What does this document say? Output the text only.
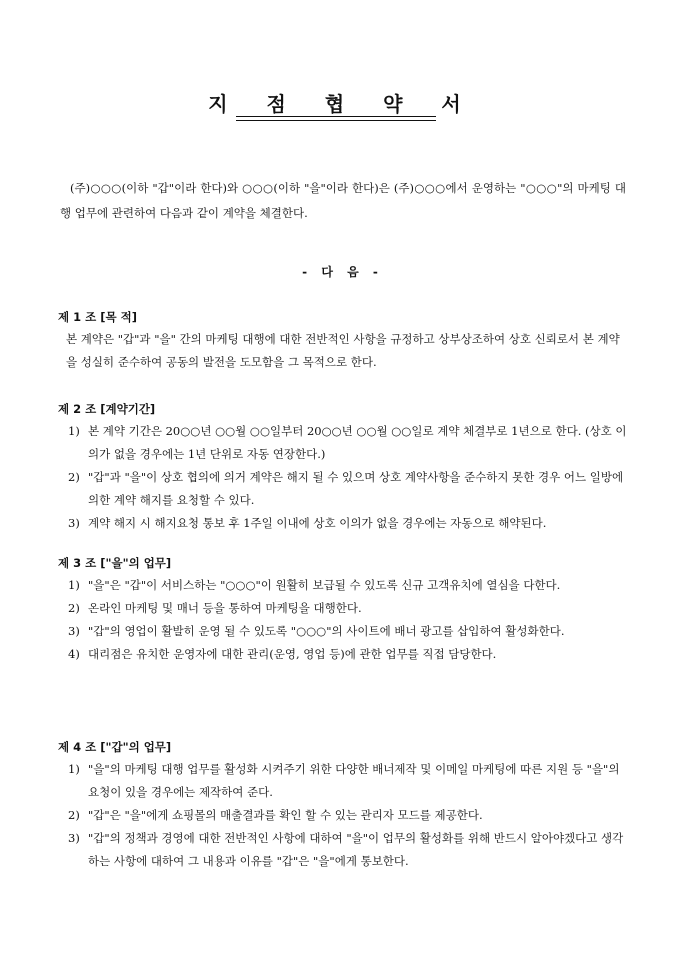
지 점 협 약 서
(주)○○○(이하 "갑"이라 한다)와 ○○○(이하 "을"이라 한다)은 (주)○○○에서 운영하는 "○○○"의 마케팅 대행 업무에 관련하여 다음과 같이 계약을 체결한다.
- 다 음 -
제 1 조 [목 적]
본 계약은 "갑"과 "을" 간의 마케팅 대행에 대한 전반적인 사항을 규정하고 상부상조하여 상호 신뢰로서 본 계약을 성실히 준수하여 공동의 발전을 도모함을 그 목적으로 한다.
제 2 조 [계약기간]
1) 본 계약 기간은 20○○년 ○○월 ○○일부터 20○○년 ○○월 ○○일로 계약 체결부로 1년으로 한다. (상호 이의가 없을 경우에는 1년 단위로 자동 연장한다.)
2) "갑"과 "을"이 상호 협의에 의거 계약은 해지 될 수 있으며 상호 계약사항을 준수하지 못한 경우 어느 일방에 의한 계약 해지를 요청할 수 있다.
3) 계약 해지 시 해지요청 통보 후 1주일 이내에 상호 이의가 없을 경우에는 자동으로 해약된다.
제 3 조 ["을"의 업무]
1) "을"은 "갑"이 서비스하는 "○○○"이 원활히 보급될 수 있도록 신규 고객유치에 열심을 다한다.
2) 온라인 마케팅 및 매너 등을 통하여 마케팅을 대행한다.
3) "갑"의 영업이 활발히 운영 될 수 있도록 "○○○"의 사이트에 배너 광고를 삽입하여 활성화한다.
4) 대리점은 유치한 운영자에 대한 관리(운영, 영업 등)에 관한 업무를 직접 담당한다.
제 4 조 ["갑"의 업무]
1) "을"의 마케팅 대행 업무를 활성화 시켜주기 위한 다양한 배너제작 및 이메일 마케팅에 따른 지원 등 "을"의 요청이 있을 경우에는 제작하여 준다.
2) "갑"은 "을"에게 쇼핑몰의 매출결과를 확인 할 수 있는 관리자 모드를 제공한다.
3) "갑"의 정책과 경영에 대한 전반적인 사항에 대하여 "을"이 업무의 활성화를 위해 반드시 알아야겠다고 생각하는 사항에 대하여 그 내용과 이유를 "갑"은 "을"에게 통보한다.
